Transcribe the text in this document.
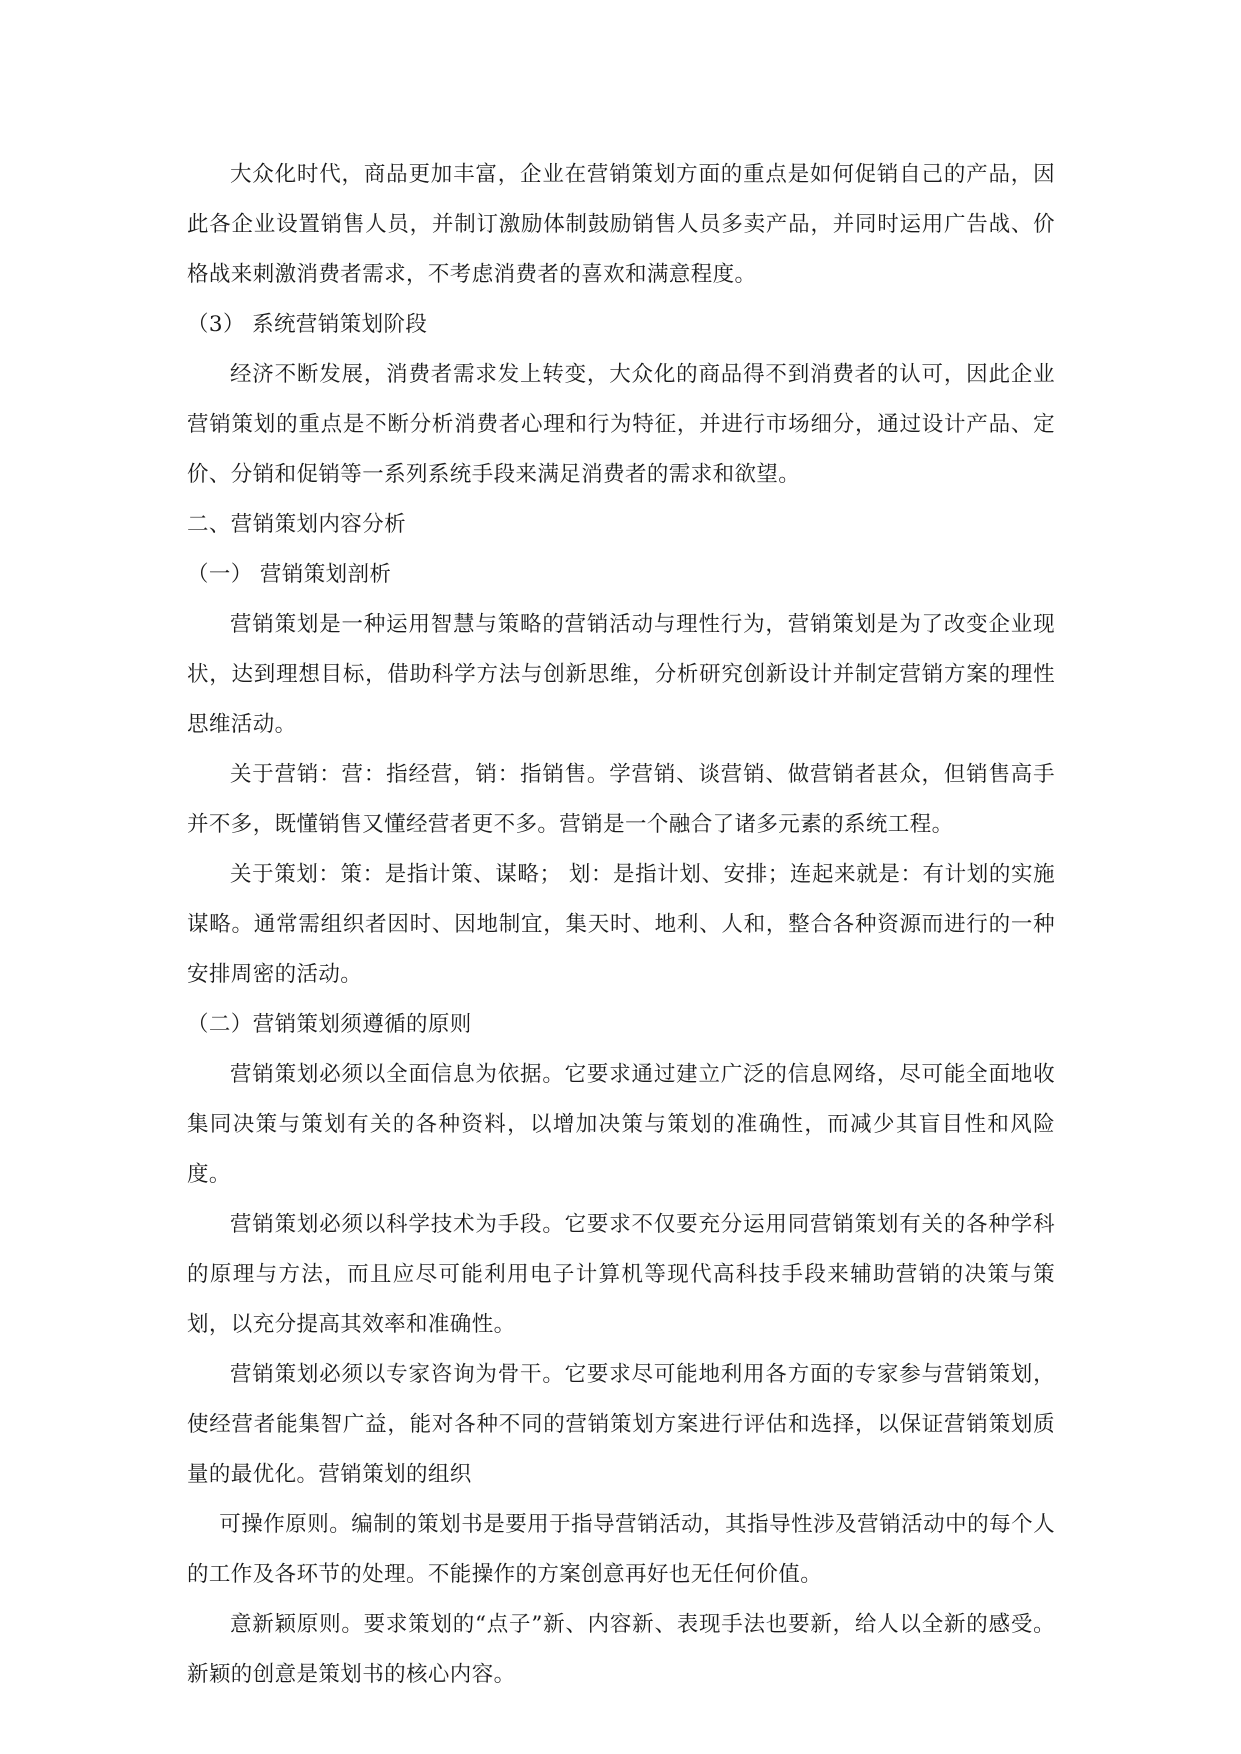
大众化时代，商品更加丰富，企业在营销策划方面的重点是如何促销自己的产品，因此各企业设置销售人员，并制订激励体制鼓励销售人员多卖产品，并同时运用广告战、价格战来刺激消费者需求，不考虑消费者的喜欢和满意程度。

（3） 系统营销策划阶段

经济不断发展，消费者需求发上转变，大众化的商品得不到消费者的认可，因此企业营销策划的重点是不断分析消费者心理和行为特征，并进行市场细分，通过设计产品、定价、分销和促销等一系列系统手段来满足消费者的需求和欲望。

二、营销策划内容分析

（一） 营销策划剖析

营销策划是一种运用智慧与策略的营销活动与理性行为，营销策划是为了改变企业现状，达到理想目标，借助科学方法与创新思维，分析研究创新设计并制定营销方案的理性思维活动。

关于营销：营：指经营，销：指销售。学营销、谈营销、做营销者甚众，但销售高手并不多，既懂销售又懂经营者更不多。营销是一个融合了诸多元素的系统工程。

关于策划：策：是指计策、谋略； 划：是指计划、安排；连起来就是：有计划的实施谋略。通常需组织者因时、因地制宜，集天时、地利、人和，整合各种资源而进行的一种安排周密的活动。

（二）营销策划须遵循的原则

营销策划必须以全面信息为依据。它要求通过建立广泛的信息网络，尽可能全面地收集同决策与策划有关的各种资料，以增加决策与策划的准确性，而减少其盲目性和风险度。

营销策划必须以科学技术为手段。它要求不仅要充分运用同营销策划有关的各种学科的原理与方法，而且应尽可能利用电子计算机等现代高科技手段来辅助营销的决策与策划，以充分提高其效率和准确性。

营销策划必须以专家咨询为骨干。它要求尽可能地利用各方面的专家参与营销策划，使经营者能集智广益，能对各种不同的营销策划方案进行评估和选择，以保证营销策划质量的最优化。营销策划的组织

可操作原则。编制的策划书是要用于指导营销活动，其指导性涉及营销活动中的每个人的工作及各环节的处理。不能操作的方案创意再好也无任何价值。

意新颖原则。要求策划的“点子”新、内容新、表现手法也要新，给人以全新的感受。新颖的创意是策划书的核心内容。
